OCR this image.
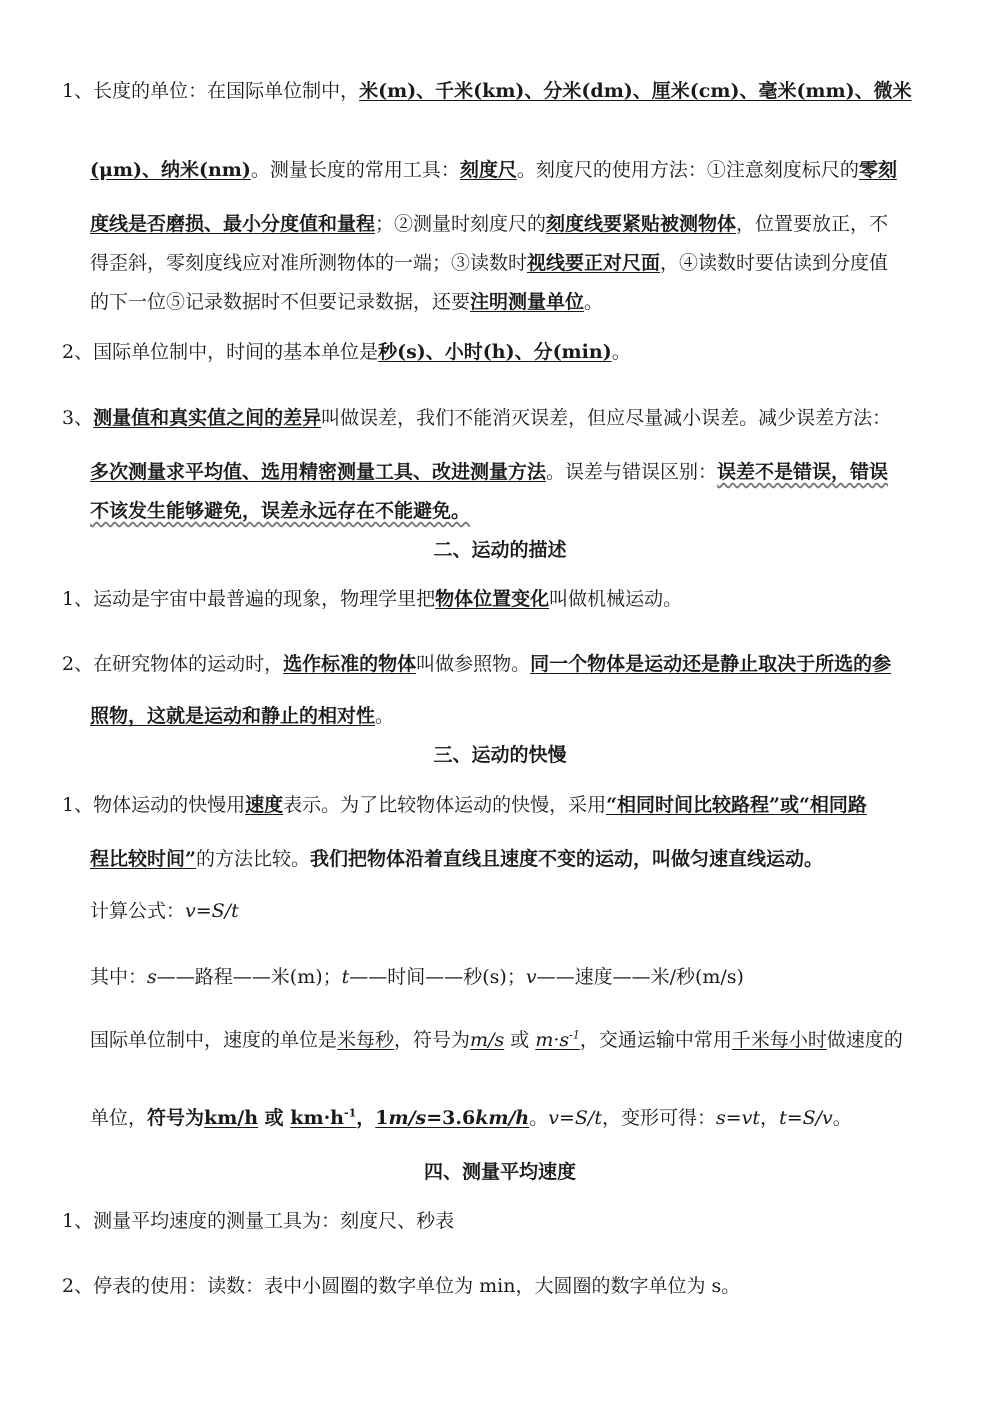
1、长度的单位：在国际单位制中，米(m)、千米(km)、分米(dm)、厘米(cm)、毫米(mm)、微米
(μm)、纳米(nm)。测量长度的常用工具：刻度尺。刻度尺的使用方法：①注意刻度标尺的零刻
度线是否磨损、最小分度值和量程；②测量时刻度尺的刻度线要紧贴被测物体，位置要放正，不
得歪斜，零刻度线应对准所测物体的一端；③读数时视线要正对尺面，④读数时要估读到分度值
的下一位⑤记录数据时不但要记录数据，还要注明测量单位。
2、国际单位制中，时间的基本单位是秒(s)、小时(h)、分(min)。
3、测量值和真实值之间的差异叫做误差，我们不能消灭误差，但应尽量减小误差。减少误差方法：
多次测量求平均值、选用精密测量工具、改进测量方法。误差与错误区别：误差不是错误，错误
不该发生能够避免，误差永远存在不能避免。
二、运动的描述
1、运动是宇宙中最普遍的现象，物理学里把物体位置变化叫做机械运动。
2、在研究物体的运动时，选作标准的物体叫做参照物。同一个物体是运动还是静止取决于所选的参
照物，这就是运动和静止的相对性。
三、运动的快慢
1、物体运动的快慢用速度表示。为了比较物体运动的快慢，采用“相同时间比较路程”或“相同路
程比较时间”的方法比较。我们把物体沿着直线且速度不变的运动，叫做匀速直线运动。
计算公式：v=S/t
其中：s——路程——米(m)；t——时间——秒(s)；v——速度——米/秒(m/s)
国际单位制中，速度的单位是米每秒，符号为m/s 或 $m\cdot s^{-1}$，交通运输中常用千米每小时做速度的
单位，符号为km/h 或 $km\cdot h^{-1}$，1m/s=3.6km/h。v=S/t，变形可得：s=vt，t=S/v。
四、测量平均速度
1、测量平均速度的测量工具为：刻度尺、秒表
2、停表的使用：读数：表中小圆圈的数字单位为 min，大圆圈的数字单位为 s。
